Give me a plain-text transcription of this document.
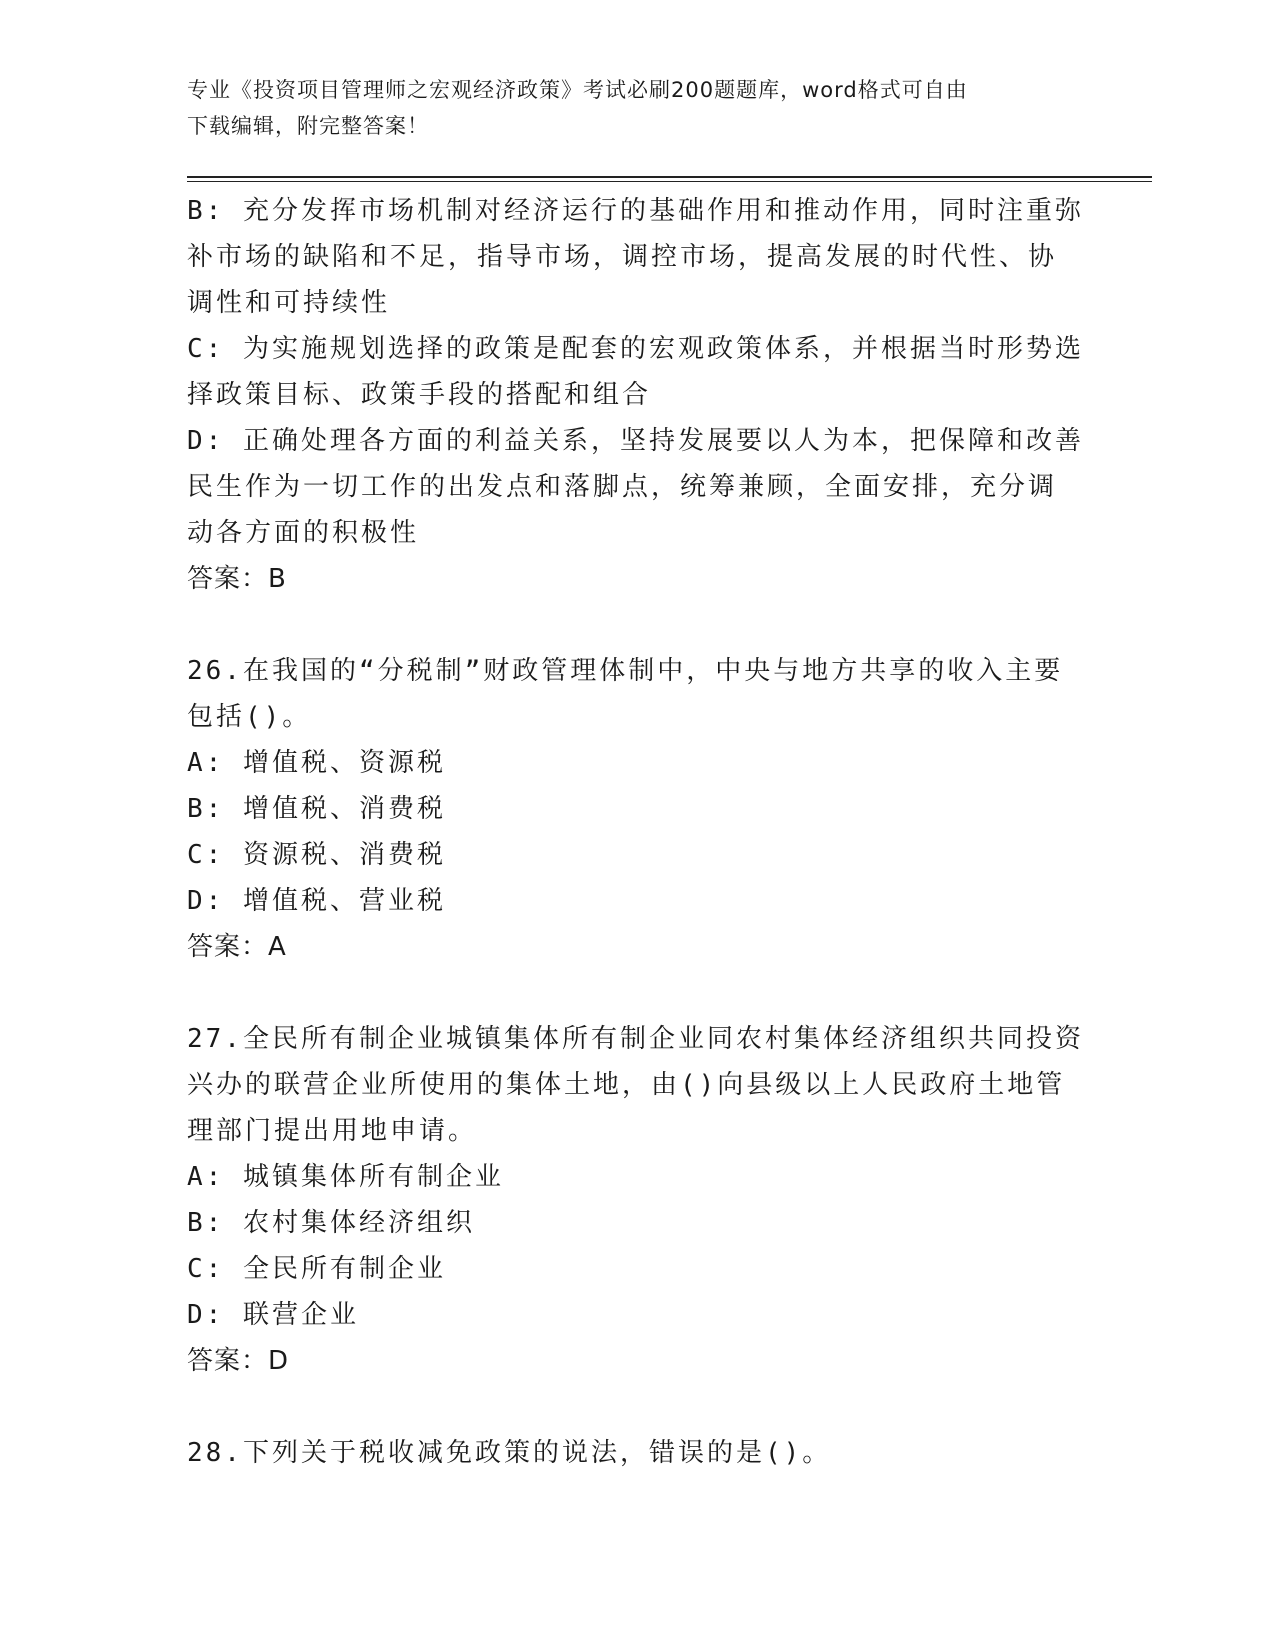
专业《投资项目管理师之宏观经济政策》考试必刷200题题库，word格式可自由
下载编辑，附完整答案！
B: 充分发挥市场机制对经济运行的基础作用和推动作用，同时注重弥
补市场的缺陷和不足，指导市场，调控市场，提高发展的时代性、协
调性和可持续性
C: 为实施规划选择的政策是配套的宏观政策体系，并根据当时形势选
择政策目标、政策手段的搭配和组合
D: 正确处理各方面的利益关系，坚持发展要以人为本，把保障和改善
民生作为一切工作的出发点和落脚点，统筹兼顾，全面安排，充分调
动各方面的积极性
答案：B
26.在我国的“分税制”财政管理体制中，中央与地方共享的收入主要
包括()。
A: 增值税、资源税
B: 增值税、消费税
C: 资源税、消费税
D: 增值税、营业税
答案：A
27.全民所有制企业城镇集体所有制企业同农村集体经济组织共同投资
兴办的联营企业所使用的集体土地，由()向县级以上人民政府土地管
理部门提出用地申请。
A: 城镇集体所有制企业
B: 农村集体经济组织
C: 全民所有制企业
D: 联营企业
答案：D
28.下列关于税收减免政策的说法，错误的是()。
